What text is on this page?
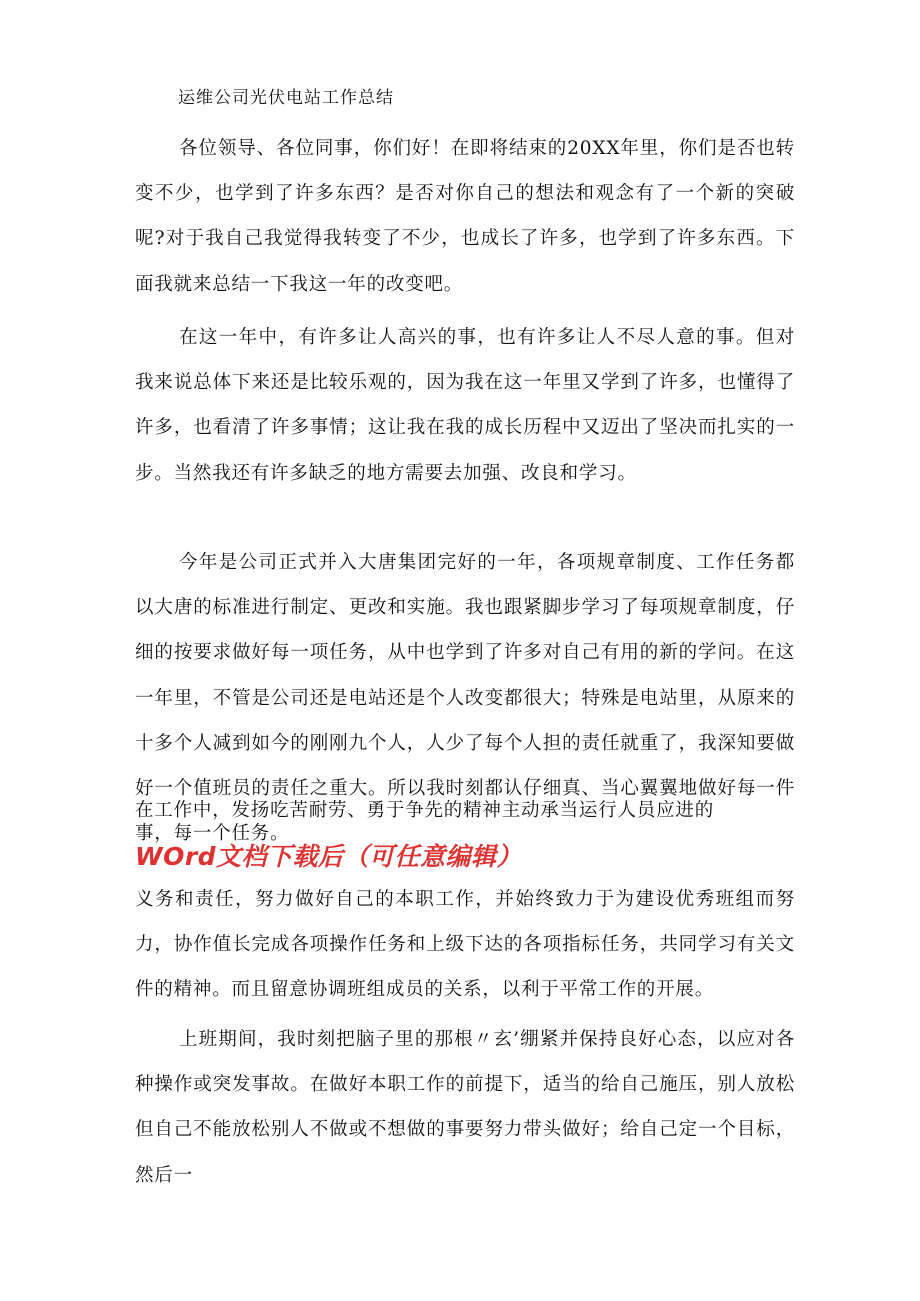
运维公司光伏电站工作总结

各位领导、各位同事，你们好！在即将结束的20XX年里，你们是否也转变不少，也学到了许多东西？是否对你自己的想法和观念有了一个新的突破呢?对于我自己我觉得我转变了不少，也成长了许多，也学到了许多东西。下面我就来总结一下我这一年的改变吧。

在这一年中，有许多让人高兴的事，也有许多让人不尽人意的事。但对我来说总体下来还是比较乐观的，因为我在这一年里又学到了许多，也懂得了许多，也看清了许多事情；这让我在我的成长历程中又迈出了坚决而扎实的一步。当然我还有许多缺乏的地方需要去加强、改良和学习。

今年是公司正式并入大唐集团完好的一年，各项规章制度、工作任务都以大唐的标准进行制定、更改和实施。我也跟紧脚步学习了每项规章制度，仔细的按要求做好每一项任务，从中也学到了许多对自己有用的新的学问。在这一年里，不管是公司还是电站还是个人改变都很大；特殊是电站里，从原来的十多个人减到如今的刚刚九个人，人少了每个人担的责任就重了，我深知要做好一个值班员的责任之重大。所以我时刻都认仔细真、当心翼翼地做好每一件事，每一个任务。

在工作中，发扬吃苦耐劳、勇于争先的精神主动承当运行人员应进的

WOrd文档下载后（可任意编辑）

义务和责任，努力做好自己的本职工作，并始终致力于为建设优秀班组而努力，协作值长完成各项操作任务和上级下达的各项指标任务，共同学习有关文件的精神。而且留意协调班组成员的关系，以利于平常工作的开展。

上班期间，我时刻把脑子里的那根〃玄’绷紧并保持良好心态，以应对各种操作或突发事故。在做好本职工作的前提下，适当的给自己施压，别人放松但自己不能放松别人不做或不想做的事要努力带头做好；给自己定一个目标，然后一
